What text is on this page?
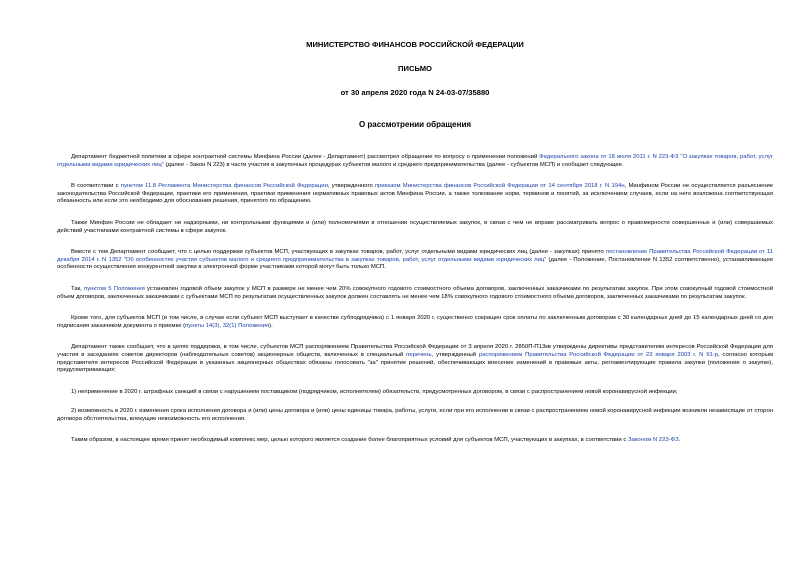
МИНИСТЕРСТВО ФИНАНСОВ РОССИЙСКОЙ ФЕДЕРАЦИИ
ПИСЬМО
от 30 апреля 2020 года N 24-03-07/35880
О рассмотрении обращения

Департамент бюджетной политики в сфере контрактной системы Минфина России (далее - Департамент) рассмотрел обращение по вопросу о применении положений Федерального закона от 18 июля 2011 г. N 223-ФЗ "О закупках товаров, работ, услуг отдельными видами юридических лиц" (далее - Закон N 223) в части участия в закупочных процедурах субъектов малого и среднего предпринимательства (далее - субъектов МСП) и сообщает следующее.

В соответствии с пунктом 11.8 Регламента Министерства финансов Российской Федерации, утвержденного приказом Министерства финансов Российской Федерации от 14 сентября 2018 г. N 194н, Минфином России не осуществляется разъяснение законодательства Российской Федерации, практики его применения, практики применения нормативных правовых актов Минфина России, а также толкование норм, терминов и понятий, за исключением случаев, если на него возложена соответствующая обязанность или если это необходимо для обоснования решения, принятого по обращению.

Также Минфин России не обладает ни надзорными, ни контрольными функциями и (или) полномочиями в отношении осуществляемых закупок, в связи с чем не вправе рассматривать вопрос о правомерности совершенных и (или) совершаемых действий участниками контрактной системы в сфере закупок.

Вместе с тем Департамент сообщает, что с целью поддержки субъектов МСП, участвующих в закупках товаров, работ, услуг отдельными видами юридических лиц (далее - закупках) принято постановление Правительства Российской Федерации от 11 декабря 2014 г. N 1352 "Об особенностях участия субъектов малого и среднего предпринимательства в закупках товаров, работ, услуг отдельными видами юридических лиц" (далее - Положение, Постановление N 1352 соответственно), устанавливающее особенности осуществления конкурентной закупки в электронной форме участниками которой могут быть только МСП.

Так, пунктом 5 Положения установлен годовой объем закупок у МСП в размере не менее чем 20% совокупного годового стоимостного объема договоров, заключенных заказчиками по результатам закупок. При этом совокупный годовой стоимостной объем договоров, заключенных заказчиками с субъектами МСП по результатам осуществленных закупок должен составлять не менее чем 18% совокупного годового стоимостного объема договоров, заключенных заказчиками по результатам закупок.

Кроме того, для субъектов МСП (в том числе, в случае если субъект МСП выступает в качестве субподрядчика) с 1 января 2020 г. существенно сокращен срок оплаты по заключенным договорам с 30 календарных дней до 15 календарных дней со дня подписания заказчиком документа о приемке (пункты 14(3), 32(1) Положения).

Департамент также сообщает, что в целях поддержки, в том числе, субъектов МСП распоряжением Правительства Российской Федерации от 3 апреля 2020 г. 2850П-П13кв утверждены директивы представителям интересов Российской Федерации для участия в заседаниях советов директоров (наблюдательных советов) акционерных обществ, включенных в специальный перечень, утвержденный распоряжением Правительства Российской Федерации от 23 января 2003 г. N 91-р, согласно которым представителя интересов Российской Федерации в указанных акционерных обществах обязаны голосовать "за" принятие решений, обеспечивающих внесение изменений в правовые акты, регламентирующие правила закупки (положение о закупке), предусматривающих:

1) неприменение в 2020 г. штрафных санкций в связи с нарушением поставщиком (подрядчиком, исполнителем) обязательств, предусмотренных договором, в связи с распространением новой коронавирусной инфекции;

2) возможность в 2020 г. изменения срока исполнения договора и (или) цены договора и (или) цены единицы товара, работы, услуги, если при его исполнении в связи с распространением новой коронавирусной инфекции возникли независящие от сторон договора обстоятельства, влекущие невозможность его исполнения.

Таким образом, в настоящее время принят необходимый комплекс мер, целью которого является создание более благоприятных условий для субъектов МСП, участвующих в закупках, в соответствии с Законом N 223-ФЗ.
